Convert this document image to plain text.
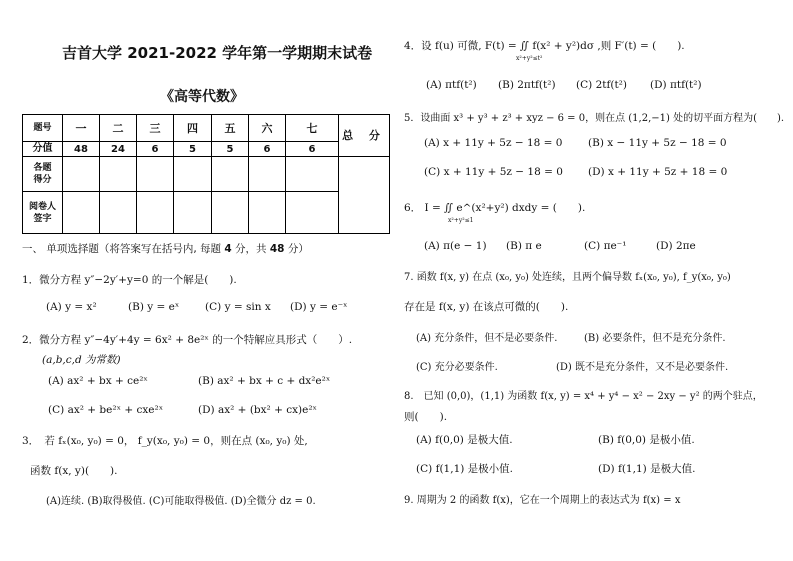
吉首大学 2021-2022 学年第一学期期末试卷
《高等代数》
题号	一	二	三	四	五	六	七	总 分
分值	48	24	6	5	5	6	6	
各题得分								
阅卷人签字								
一、 单项选择题（将答案写在括号内, 每题 4 分，共 48 分）
1．微分方程 y″−2y′+y=0 的一个解是(　　).
(A) y = x²	(B) y = eˣ (C) y = sin x (D) y = e⁻ˣ
2．微分方程 y″−4y′+4y = 6x² + 8e²ˣ 的一个特解应具形式（　　）.
(a,b,c,d 为常数)
(A) ax² + bx + ce²ˣ	(B) ax² + bx + c + dx²e²ˣ
(C) ax² + be²ˣ + cxe²ˣ	(D) ax² + (bx² + cx)e²ˣ
3．　若 fₓ(x₀, y₀) = 0， f_y(x₀, y₀) = 0，则在点 (x₀, y₀) 处,
函数 f(x, y)(　　).
(A)连续. (B)取得极值. (C)可能取得极值. (D)全微分 dz = 0.
4．设 f(u) 可微, F(t) = ∬ f(x² + y²)dσ ,则 F′(t) = (　　).
x²+y²≤t²
(A) πtf(t²) (B) 2πtf(t²) (C) 2tf(t²) (D) πtf(t²)
5．设曲面 x³ + y³ + z³ + xyz − 6 = 0，则在点 (1,2,−1) 处的切平面方程为(　　).
(A) x + 11y + 5z − 18 = 0 (B) x − 11y + 5z − 18 = 0
(C) x + 11y + 5z − 18 = 0 (D) x + 11y + 5z + 18 = 0
6． I = ∬ e^(x²+y²) dxdy = (　　).
x²+y²≤1
(A) π(e − 1) (B) π e	(C) πe⁻¹	(D) 2πe
7. 函数 f(x, y) 在点 (x₀, y₀) 处连续，且两个偏导数 fₓ(x₀, y₀), f_y(x₀, y₀)
存在是 f(x, y) 在该点可微的(　　).
(A) 充分条件，但不是必要条件.	(B) 必要条件，但不是充分条件.
(C) 充分必要条件.	(D) 既不是充分条件，又不是必要条件.
8.　已知 (0,0)，(1,1) 为函数 f(x, y) = x⁴ + y⁴ − x² − 2xy − y² 的两个驻点，
则(　　).
(A) f(0,0) 是极大值.	(B) f(0,0) 是极小值.
(C) f(1,1) 是极小值.	(D) f(1,1) 是极大值.
9. 周期为 2 的函数 f(x)，它在一个周期上的表达式为 f(x) = x
